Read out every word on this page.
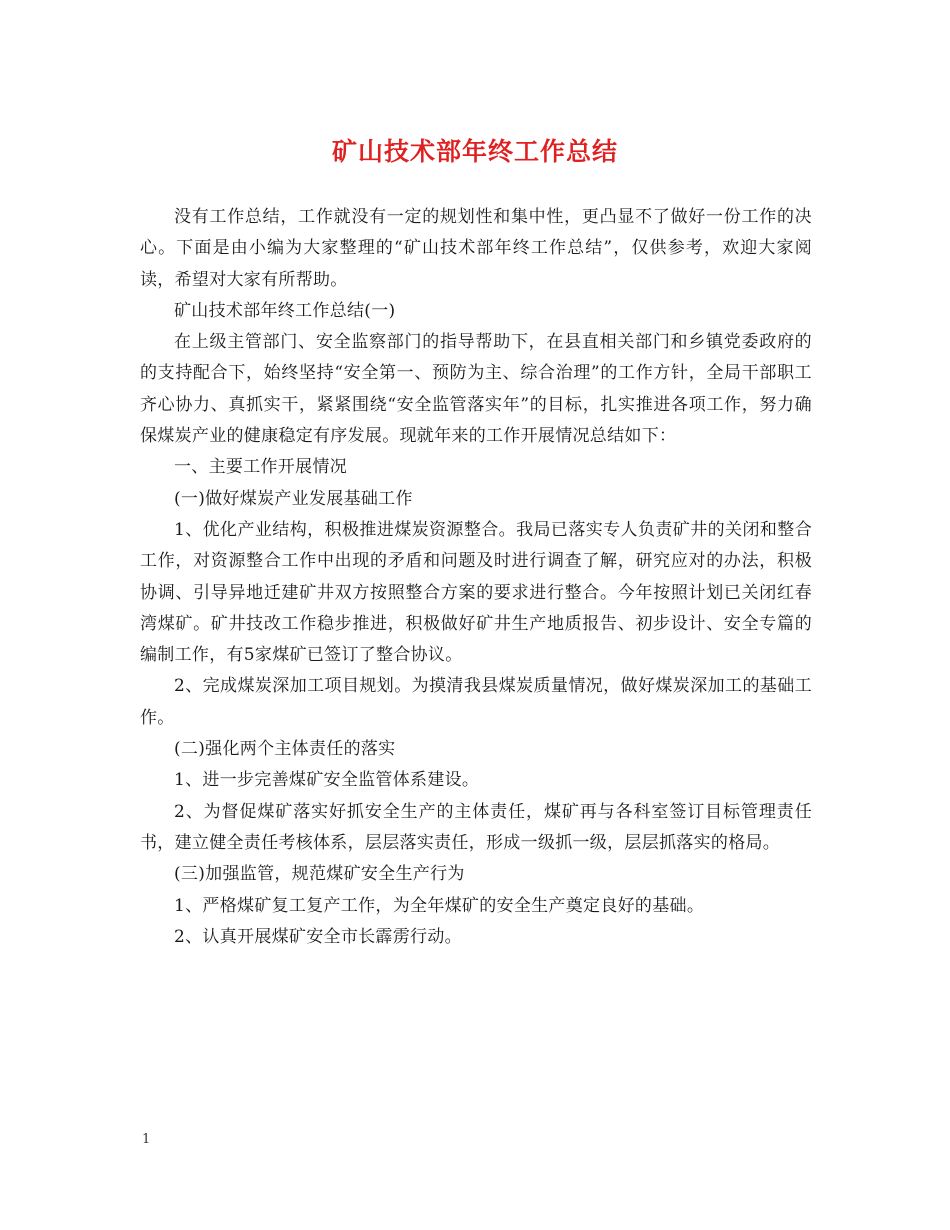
矿山技术部年终工作总结

没有工作总结，工作就没有一定的规划性和集中性，更凸显不了做好一份工作的决心。下面是由小编为大家整理的“矿山技术部年终工作总结”，仅供参考，欢迎大家阅读，希望对大家有所帮助。

矿山技术部年终工作总结(一)

在上级主管部门、安全监察部门的指导帮助下，在县直相关部门和乡镇党委政府的的支持配合下，始终坚持“安全第一、预防为主、综合治理”的工作方针，全局干部职工齐心协力、真抓实干，紧紧围绕“安全监管落实年”的目标，扎实推进各项工作，努力确保煤炭产业的健康稳定有序发展。现就年来的工作开展情况总结如下：

一、主要工作开展情况

(一)做好煤炭产业发展基础工作

1、优化产业结构，积极推进煤炭资源整合。我局已落实专人负责矿井的关闭和整合工作，对资源整合工作中出现的矛盾和问题及时进行调查了解，研究应对的办法，积极协调、引导异地迁建矿井双方按照整合方案的要求进行整合。今年按照计划已关闭红春湾煤矿。矿井技改工作稳步推进，积极做好矿井生产地质报告、初步设计、安全专篇的编制工作，有5家煤矿已签订了整合协议。

2、完成煤炭深加工项目规划。为摸清我县煤炭质量情况，做好煤炭深加工的基础工作。

(二)强化两个主体责任的落实

1、进一步完善煤矿安全监管体系建设。

2、为督促煤矿落实好抓安全生产的主体责任，煤矿再与各科室签订目标管理责任书，建立健全责任考核体系，层层落实责任，形成一级抓一级，层层抓落实的格局。

(三)加强监管，规范煤矿安全生产行为

1、严格煤矿复工复产工作，为全年煤矿的安全生产奠定良好的基础。

2、认真开展煤矿安全市长霹雳行动。

1
